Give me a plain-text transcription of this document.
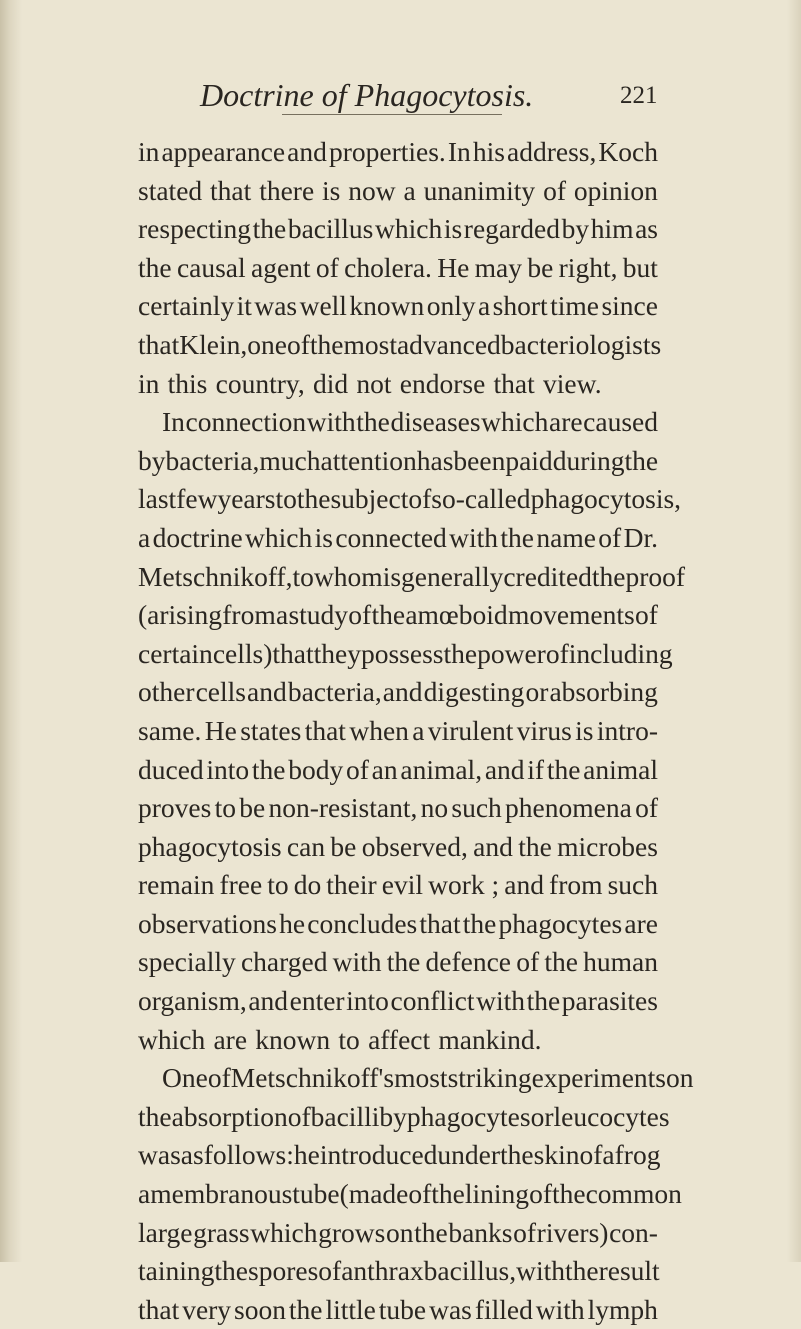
Doctrine of Phagocytosis.	221
in appearance and properties. In his address, Koch
stated that there is now a unanimity of opinion
respecting the bacillus which is regarded by him as
the causal agent of cholera. He may be right, but
certainly it was well known only a short time since
that Klein, one of the most advanced bacteriologists
in this country, did not endorse that view.
In connection with the diseases which are caused
by bacteria, much attention has been paid during the
last few years to the subject of so-called phagocytosis,
a doctrine which is connected with the name of Dr.
Metschnikoff, to whom is generally credited the proof
(arising from a study of the amœboid movements of
certain cells) that they possess the power of including
other cells and bacteria, and digesting or absorbing
same. He states that when a virulent virus is intro-
duced into the body of an animal, and if the animal
proves to be non-resistant, no such phenomena of
phagocytosis can be observed, and the microbes
remain free to do their evil work ; and from such
observations he concludes that the phagocytes are
specially charged with the defence of the human
organism, and enter into conflict with the parasites
which are known to affect mankind.
One of Metschnikoff's most striking experiments on
the absorption of bacilli by phagocytes or leucocytes
was as follows : he introduced under the skin of a frog
a membranous tube (made of the lining of the common
large grass which grows on the banks of rivers) con-
taining the spores of anthrax bacillus, with the result
that very soon the little tube was filled with lymph
